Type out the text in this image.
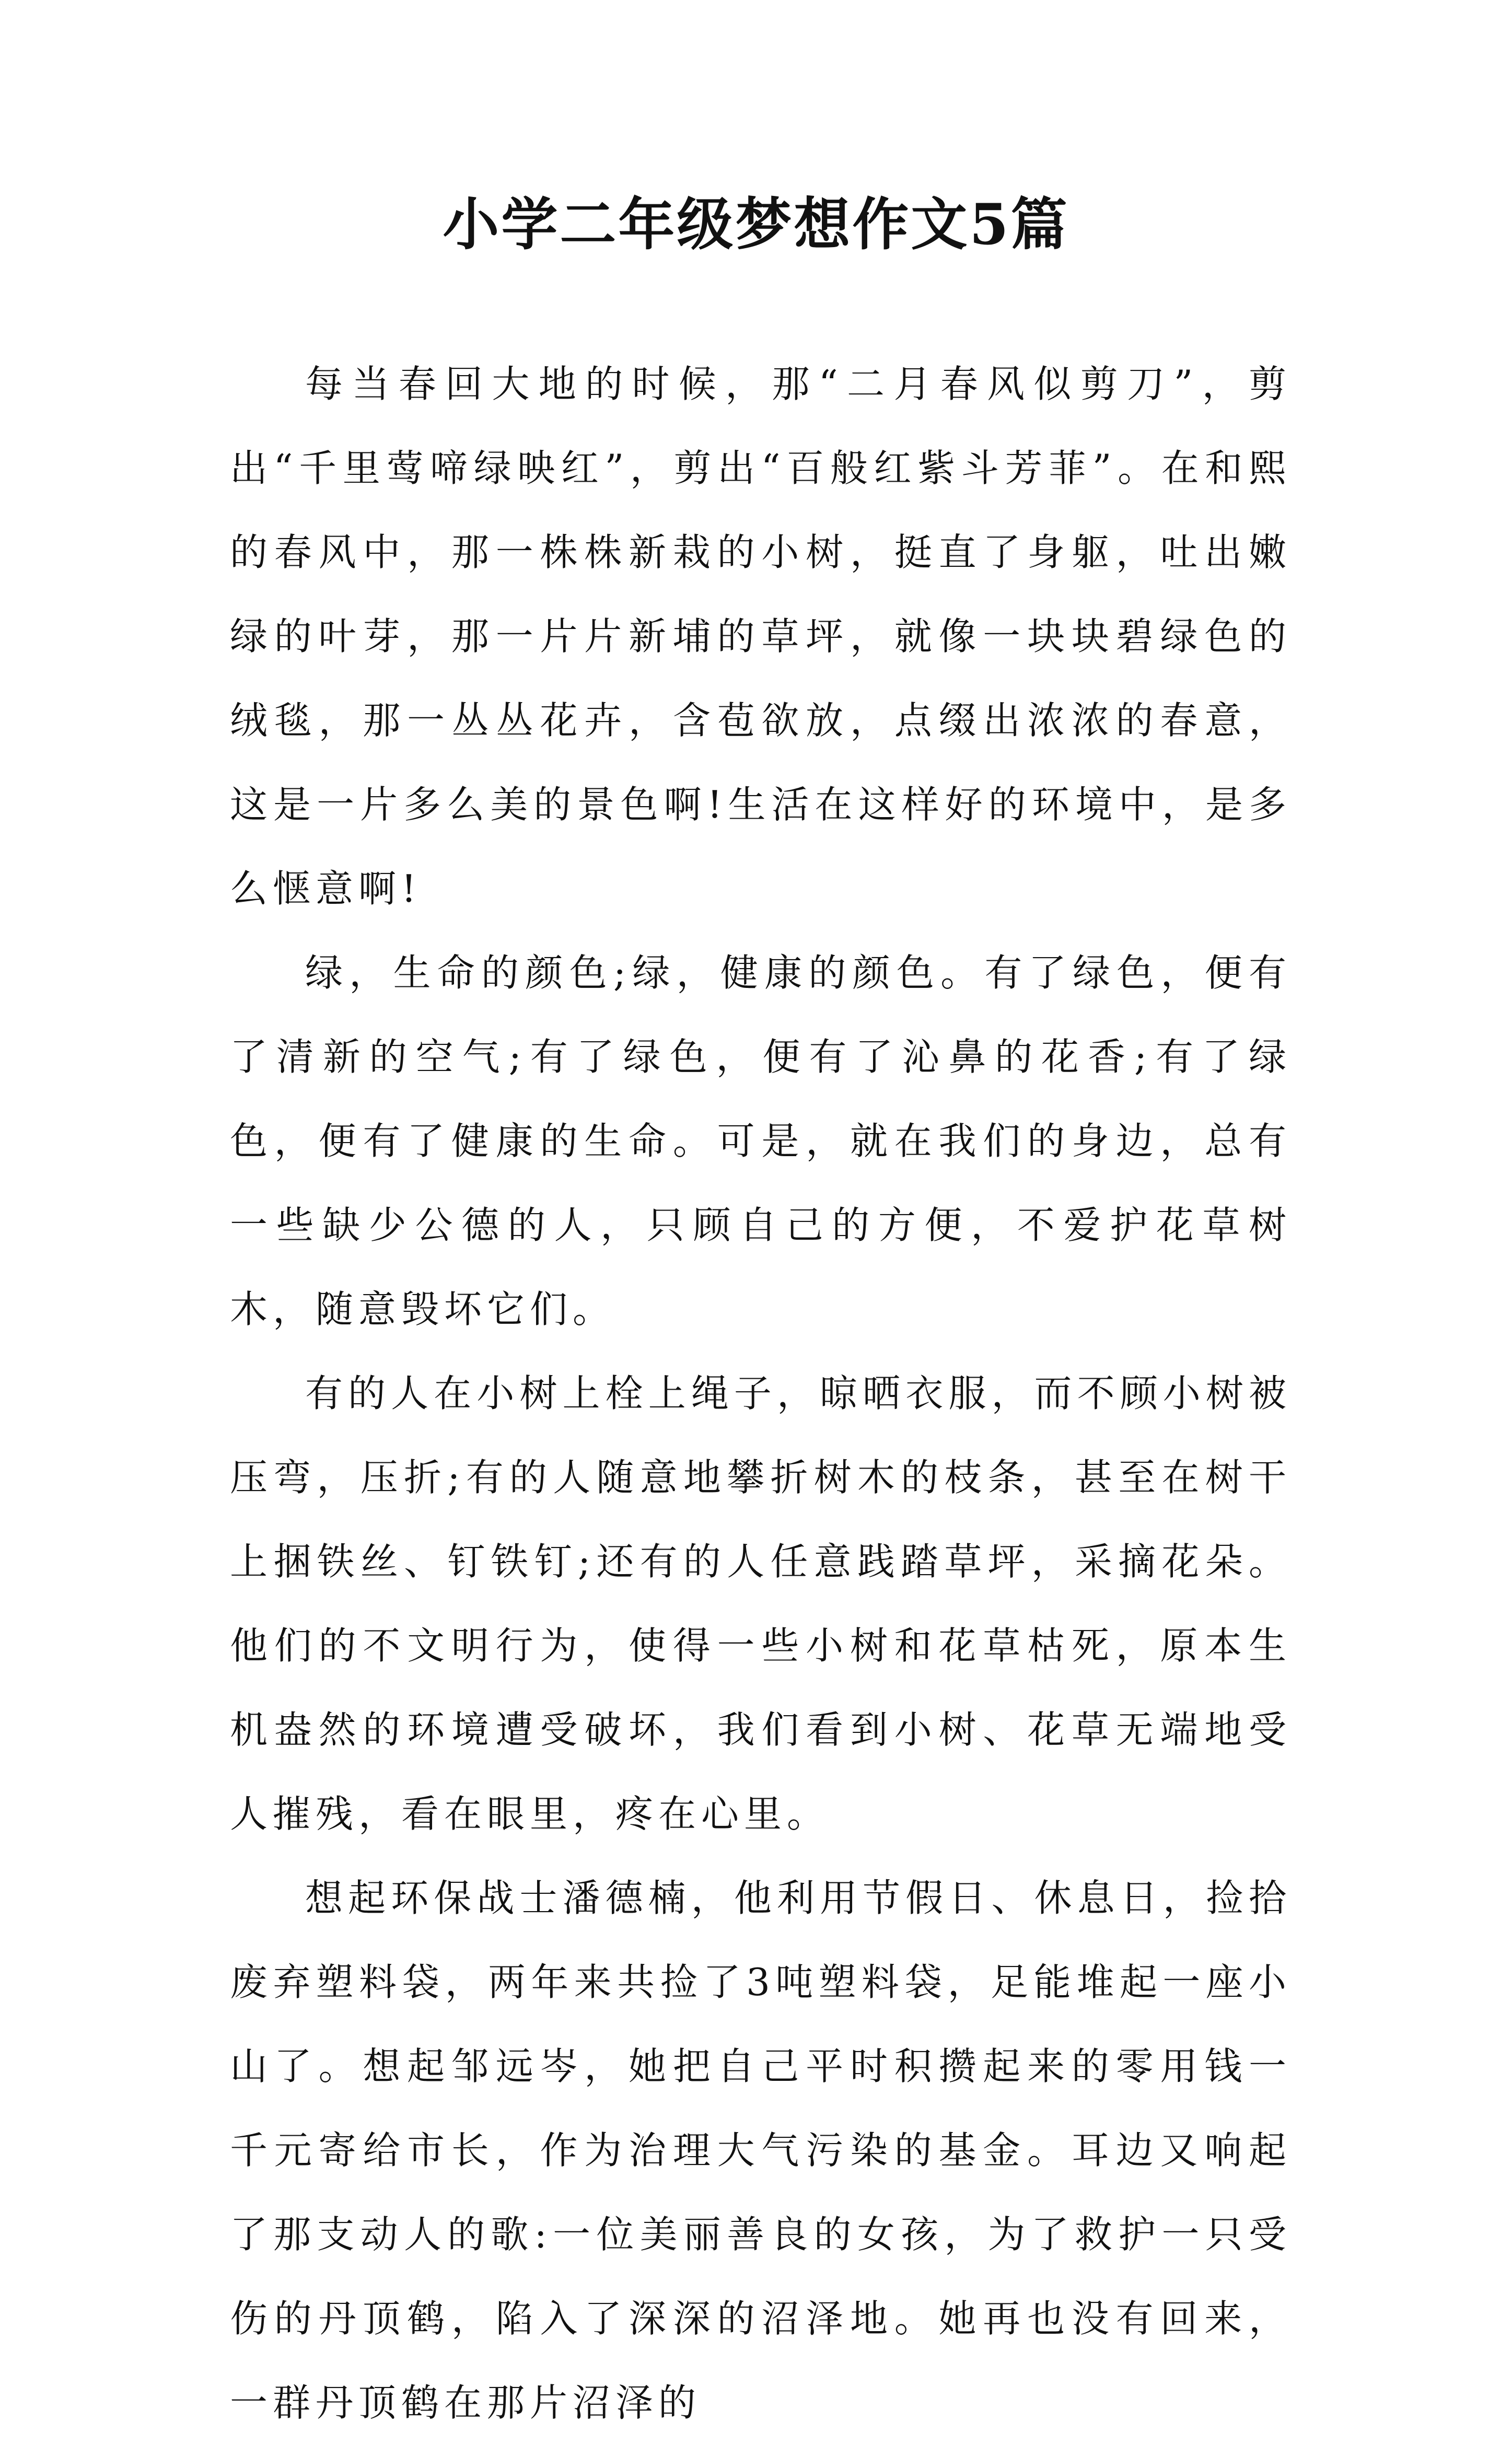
小学二年级梦想作文5篇

每当春回大地的时候，那“二月春风似剪刀”，剪出“千里莺啼绿映红”，剪出“百般红紫斗芳菲”。在和熙的春风中，那一株株新栽的小树，挺直了身躯，吐出嫩绿的叶芽，那一片片新埔的草坪，就像一块块碧绿色的绒毯，那一丛丛花卉，含苞欲放，点缀出浓浓的春意，这是一片多么美的景色啊!生活在这样好的环境中，是多么惬意啊!

绿，生命的颜色;绿，健康的颜色。有了绿色，便有了清新的空气;有了绿色，便有了沁鼻的花香;有了绿色，便有了健康的生命。可是，就在我们的身边，总有一些缺少公德的人，只顾自己的方便，不爱护花草树木，随意毁坏它们。

有的人在小树上栓上绳子，晾晒衣服，而不顾小树被压弯，压折;有的人随意地攀折树木的枝条，甚至在树干上捆铁丝、钉铁钉;还有的人任意践踏草坪，采摘花朵。他们的不文明行为，使得一些小树和花草枯死，原本生机盎然的环境遭受破坏，我们看到小树、花草无端地受人摧残，看在眼里，疼在心里。

想起环保战士潘德楠，他利用节假日、休息日，捡拾废弃塑料袋，两年来共捡了3吨塑料袋，足能堆起一座小山了。想起邹远岑，她把自己平时积攒起来的零用钱一千元寄给市长，作为治理大气污染的基金。耳边又响起了那支动人的歌:一位美丽善良的女孩，为了救护一只受伤的丹顶鹤，陷入了深深的沼泽地。她再也没有回来，一群丹顶鹤在那片沼泽的
